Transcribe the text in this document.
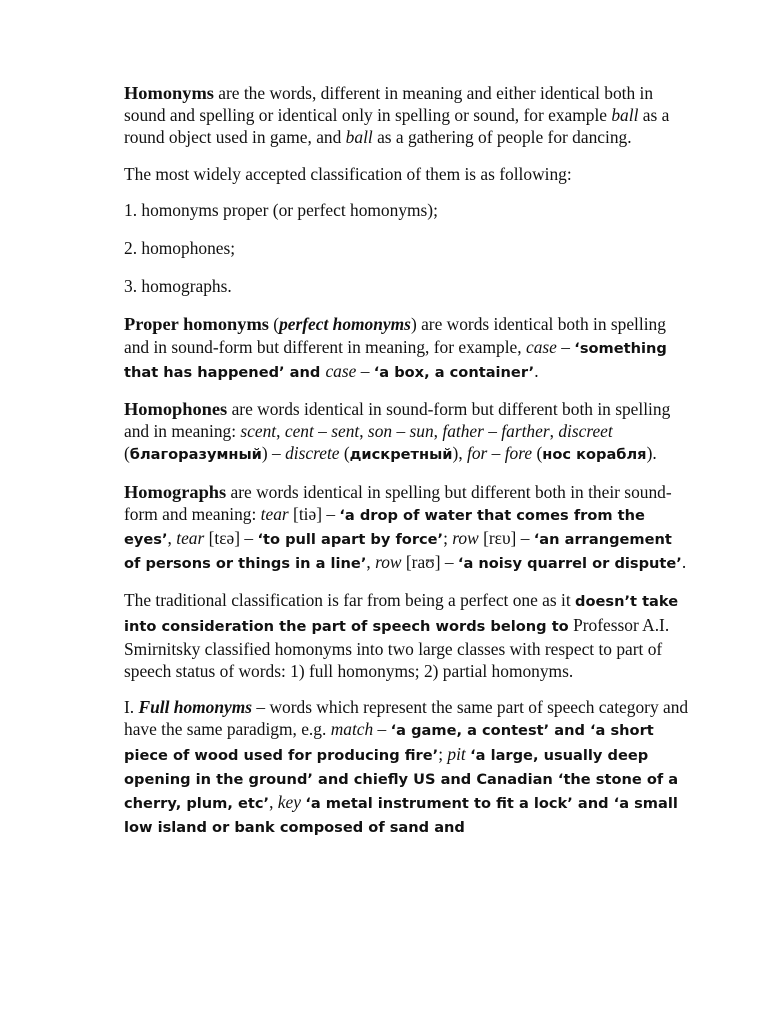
Homonyms are the words, different in meaning and either identical both in sound and spelling or identical only in spelling or sound, for example ball as a round object used in game, and ball as a gathering of people for dancing.

The most widely accepted classification of them is as following:

1. homonyms proper (or perfect homonyms);

2. homophones;

3. homographs.

Proper homonyms (perfect homonyms) are words identical both in spelling and in sound-form but different in meaning, for example, case – ‘something that has happened’ and case – ‘a box, a container’.

Homophones are words identical in sound-form but different both in spelling and in meaning: scent, cent – sent, son – sun, father – farther, discreet (благоразумный) – discrete (дискретный), for – fore (нос корабля).

Homographs are words identical in spelling but different both in their sound-form and meaning: tear [tiə] – ‘a drop of water that comes from the eyes’, tear [tεə] – ‘to pull apart by force’; row [rευ] – ‘an arrangement of persons or things in a line’, row [raʊ] – ‘a noisy quarrel or dispute’.

The traditional classification is far from being a perfect one as it doesn’t take into consideration the part of speech words belong to Professor A.I. Smirnitsky classified homonyms into two large classes with respect to part of speech status of words: 1) full homonyms; 2) partial homonyms.

I. Full homonyms – words which represent the same part of speech category and have the same paradigm, e.g. match – ‘a game, a contest’ and ‘a short piece of wood used for producing fire’; pit ‘a large, usually deep opening in the ground’ and chiefly US and Canadian ‘the stone of a cherry, plum, etc’, key ‘a metal instrument to fit a lock’ and ‘a small low island or bank composed of sand and
